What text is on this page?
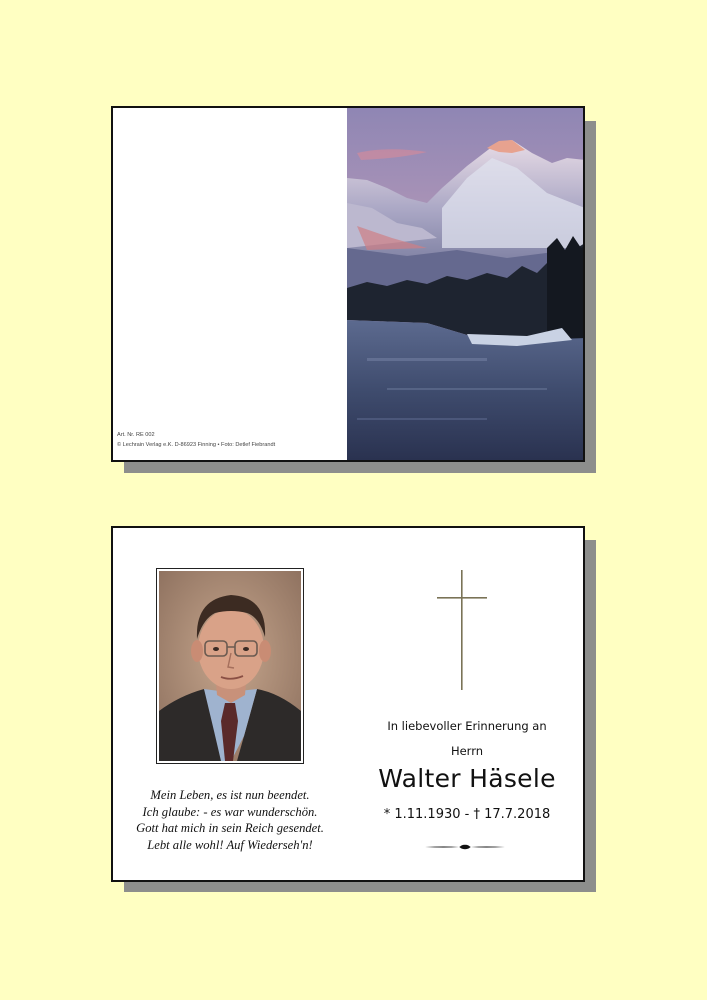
Art. Nr. RE 002
© Lechrain Verlag e.K. D-86923 Finning • Foto: Detlef Fiebrandt
Mein Leben, es ist nun beendet.
Ich glaube: - es war wunderschön.
Gott hat mich in sein Reich gesendet.
Lebt alle wohl! Auf Wiederseh'n!
In liebevoller Erinnerung an
Herrn
Walter Häsele
* 1.11.1930 - † 17.7.2018
